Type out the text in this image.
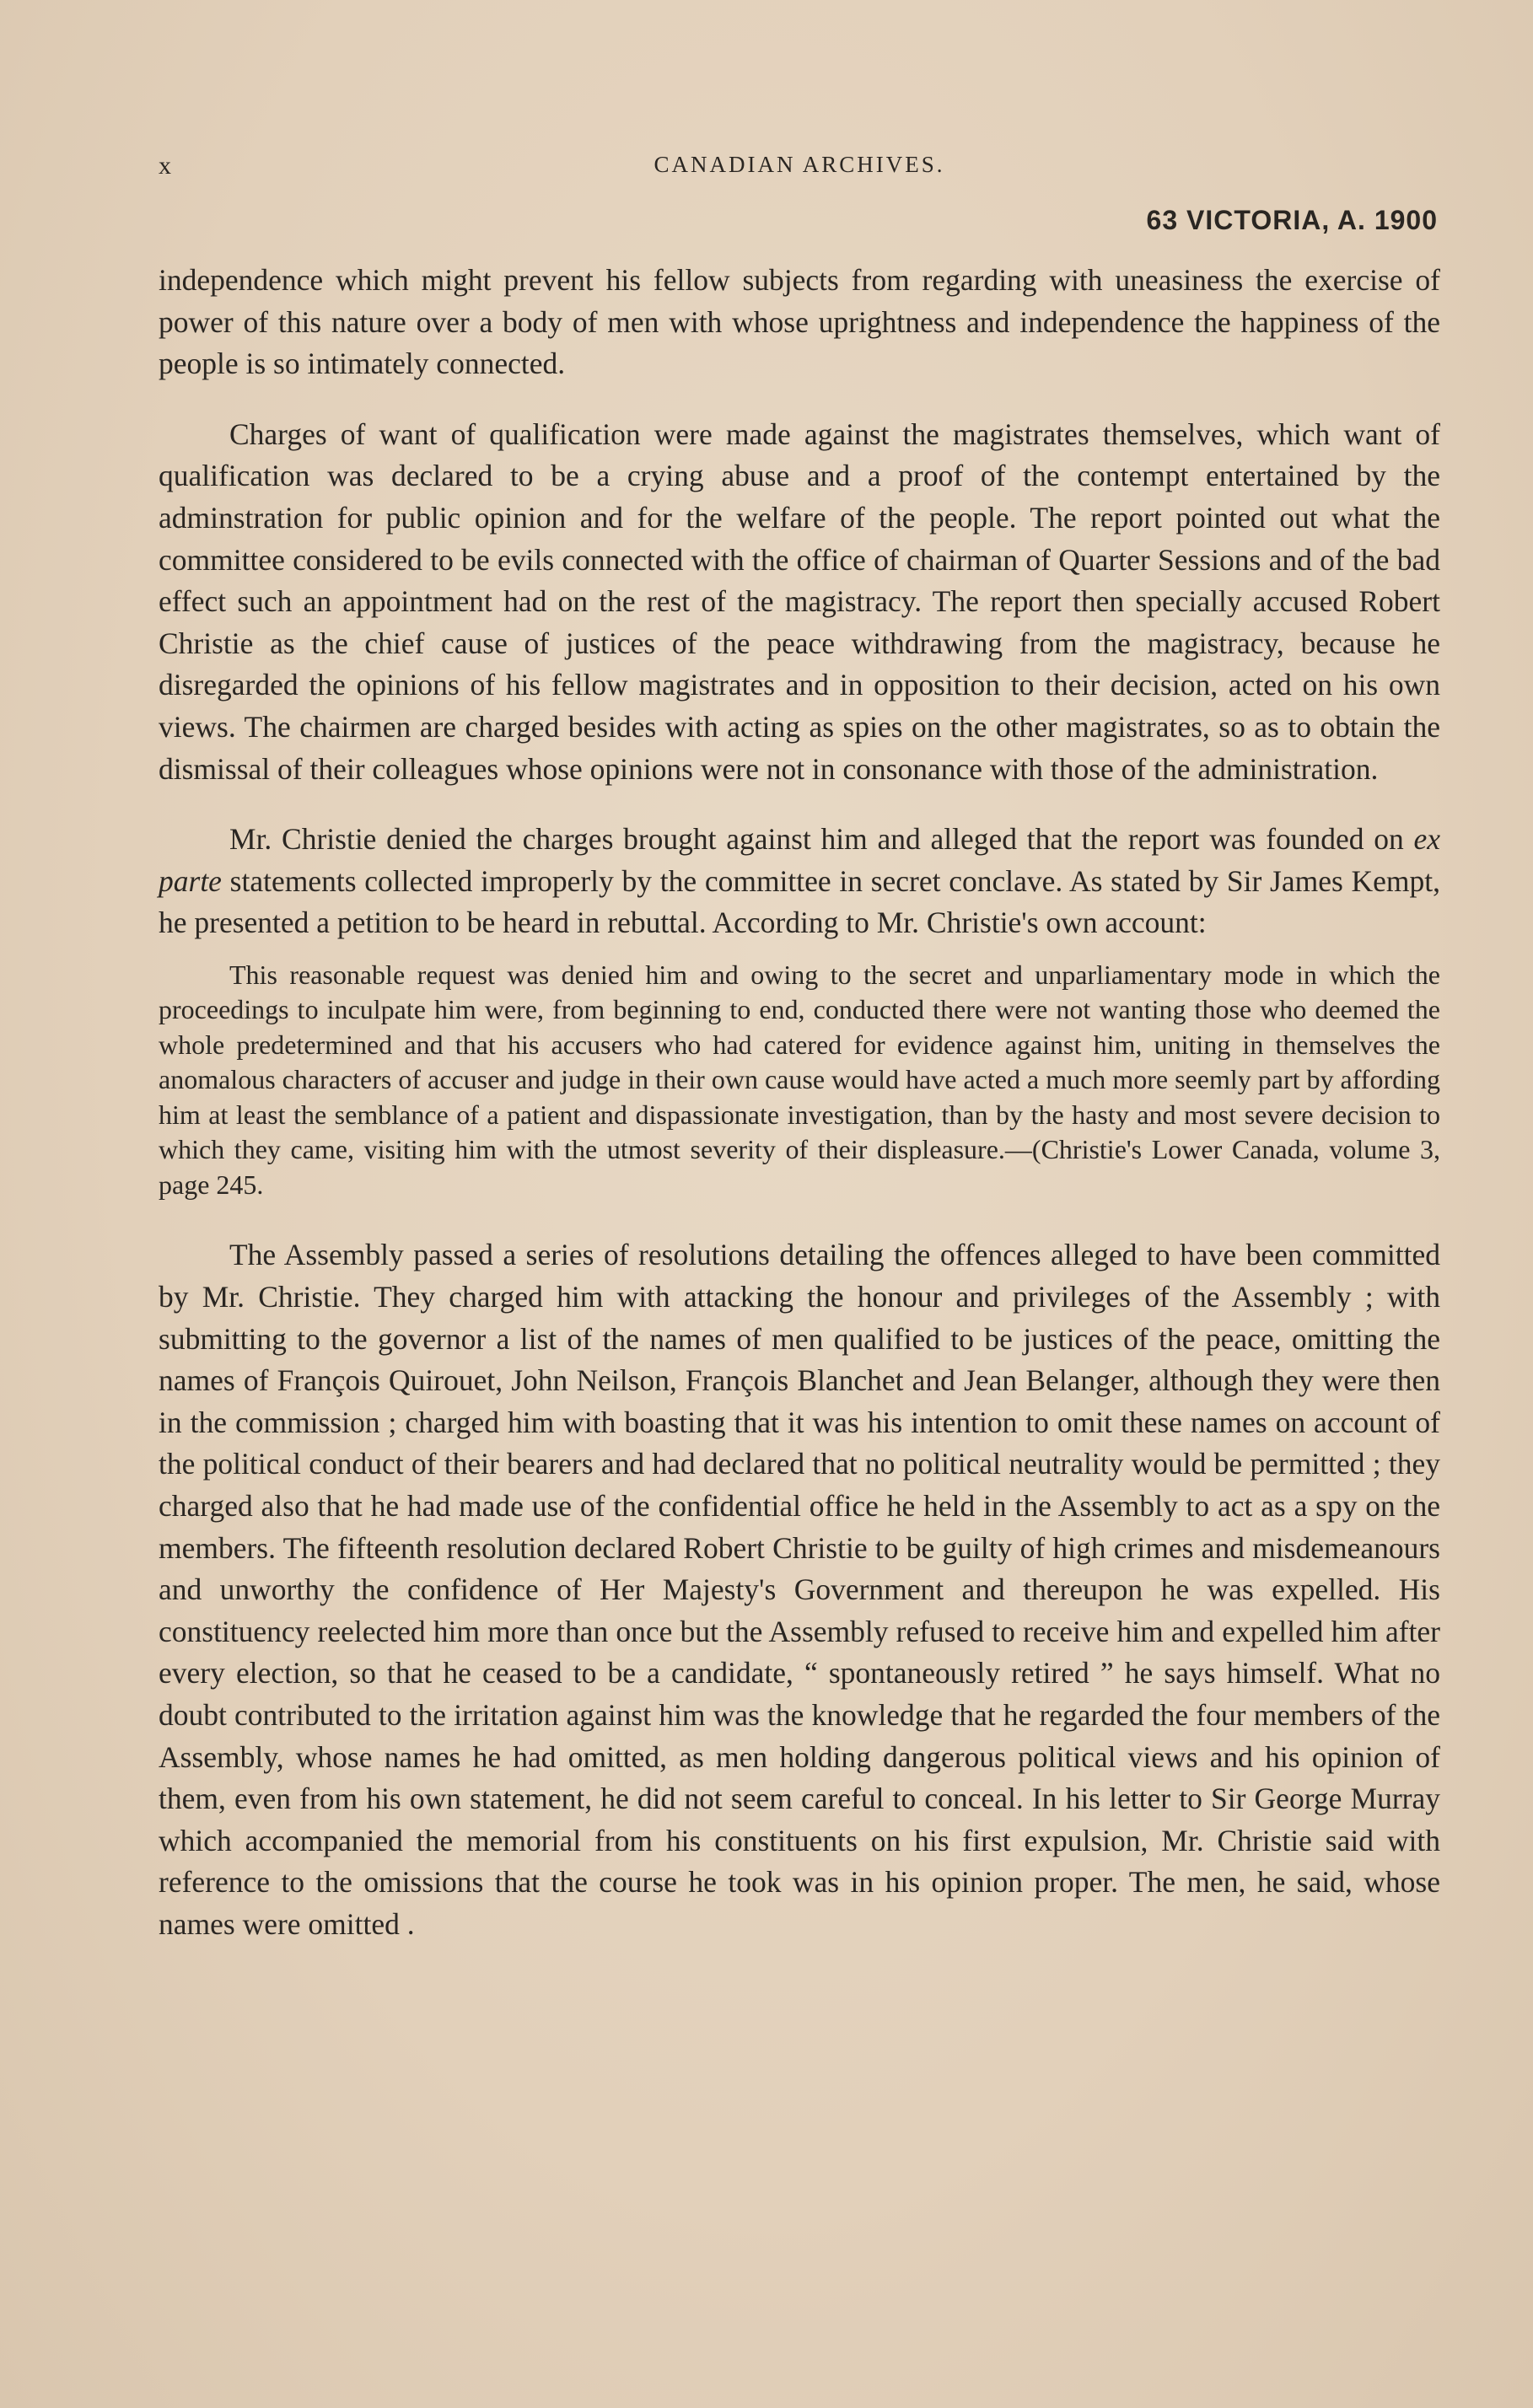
x	CANADIAN ARCHIVES.
63 VICTORIA, A. 1900

independence which might prevent his fellow subjects from regarding with uneasiness the exercise of power of this nature over a body of men with whose uprightness and independence the happiness of the people is so intimately connected.

Charges of want of qualification were made against the magistrates themselves, which want of qualification was declared to be a crying abuse and a proof of the contempt entertained by the adminstration for public opinion and for the welfare of the people. The report pointed out what the committee considered to be evils connected with the office of chairman of Quarter Sessions and of the bad effect such an appointment had on the rest of the magistracy. The report then specially accused Robert Christie as the chief cause of justices of the peace withdrawing from the magistracy, because he disregarded the opinions of his fellow magistrates and in opposition to their decision, acted on his own views. The chairmen are charged besides with acting as spies on the other magistrates, so as to obtain the dismissal of their colleagues whose opinions were not in consonance with those of the administration.

Mr. Christie denied the charges brought against him and alleged that the report was founded on ex parte statements collected improperly by the committee in secret conclave. As stated by Sir James Kempt, he presented a petition to be heard in rebuttal. According to Mr. Christie's own account:

This reasonable request was denied him and owing to the secret and unparliamentary mode in which the proceedings to inculpate him were, from beginning to end, conducted there were not wanting those who deemed the whole predetermined and that his accusers who had catered for evidence against him, uniting in themselves the anomalous characters of accuser and judge in their own cause would have acted a much more seemly part by affording him at least the semblance of a patient and dispassionate investigation, than by the hasty and most severe decision to which they came, visiting him with the utmost severity of their displeasure.—(Christie's Lower Canada, volume 3, page 245.

The Assembly passed a series of resolutions detailing the offences alleged to have been committed by Mr. Christie. They charged him with attacking the honour and privileges of the Assembly ; with submitting to the governor a list of the names of men qualified to be justices of the peace, omitting the names of François Quirouet, John Neilson, François Blanchet and Jean Belanger, although they were then in the commission ; charged him with boasting that it was his intention to omit these names on account of the political conduct of their bearers and had declared that no political neutrality would be permitted ; they charged also that he had made use of the confidential office he held in the Assembly to act as a spy on the members. The fifteenth resolution declared Robert Christie to be guilty of high crimes and misdemeanours and unworthy the confidence of Her Majesty's Government and thereupon he was expelled. His constituency reelected him more than once but the Assembly refused to receive him and expelled him after every election, so that he ceased to be a candidate, “ spontaneously retired ” he says himself. What no doubt contributed to the irritation against him was the knowledge that he regarded the four members of the Assembly, whose names he had omitted, as men holding dangerous political views and his opinion of them, even from his own statement, he did not seem careful to conceal. In his letter to Sir George Murray which accompanied the memorial from his constituents on his first expulsion, Mr. Christie said with reference to the omissions that the course he took was in his opinion proper. The men, he said, whose names were omitted .
